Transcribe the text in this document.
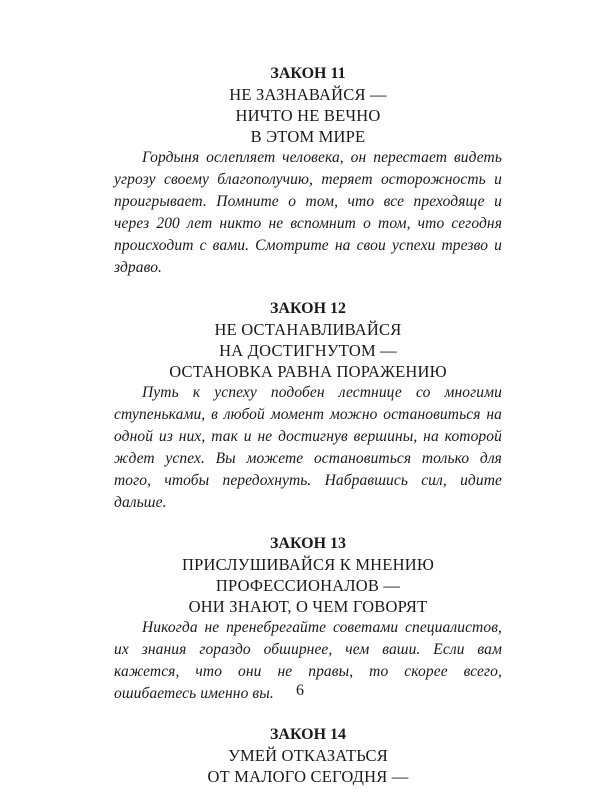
ЗАКОН 11

НЕ ЗАЗНАВАЙСЯ —

НИЧТО НЕ ВЕЧНО

В ЭТОМ МИРЕ

Гордыня ослепляет человека, он перестает видеть угрозу своему благополучию, теряет осторожность и проигрывает. Помните о том, что все преходяще и через 200 лет никто не вспомнит о том, что сегодня происходит с вами. Смотрите на свои успехи трезво и здраво.

ЗАКОН 12

НЕ ОСТАНАВЛИВАЙСЯ

НА ДОСТИГНУТОМ —

ОСТАНОВКА РАВНА ПОРАЖЕНИЮ

Путь к успеху подобен лестнице со многими ступеньками, в любой момент можно остановиться на одной из них, так и не достигнув вершины, на которой ждет успех. Вы можете остановиться только для того, чтобы передохнуть. Набравшись сил, идите дальше.

ЗАКОН 13

ПРИСЛУШИВАЙСЯ К МНЕНИЮ

ПРОФЕССИОНАЛОВ —

ОНИ ЗНАЮТ, О ЧЕМ ГОВОРЯТ

Никогда не пренебрегайте советами специалистов, их знания гораздо обширнее, чем ваши. Если вам кажется, что они не правы, то скорее всего, ошибаетесь именно вы.

ЗАКОН 14

УМЕЙ ОТКАЗАТЬСЯ

ОТ МАЛОГО СЕГОДНЯ —

6
